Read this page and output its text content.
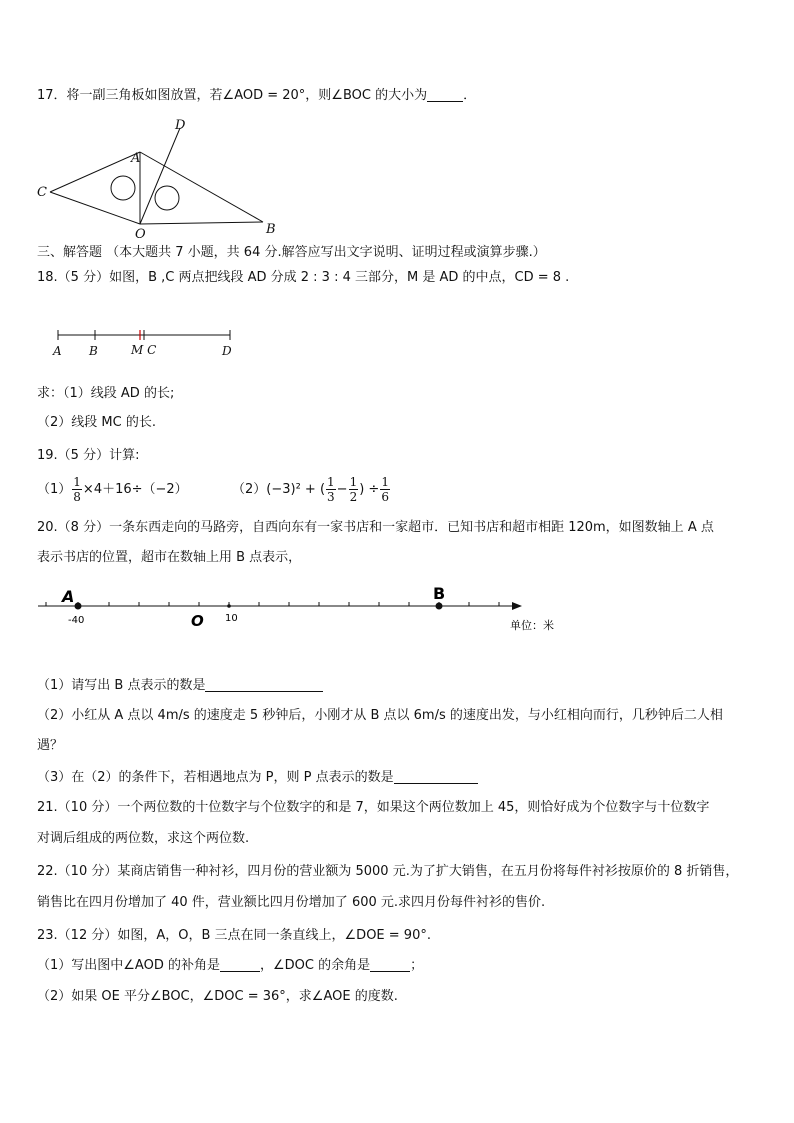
17．将一副三角板如图放置，若∠AOD = 20°，则∠BOC 的大小为	．
D
A
C
O	B
三、解答题 （本大题共 7 小题，共 64 分.解答应写出文字说明、证明过程或演算步骤.）
18.（5 分）如图，B ,C 两点把线段 AD 分成 2 : 3 : 4 三部分，M 是 AD 的中点，CD = 8 .
A B	M C	D
求：（1）线段 AD 的长;
（2）线段 MC 的长.
19.（5 分）计算:
$(1) \frac{1}{8} \times 4+16\div(-2)$	（2）(−3)² + ( $\frac{1}{3} - \frac{1}{2}$ ) ÷ $\frac{1}{6}$
20.（8 分）一条东西走向的马路旁，自西向东有一家书店和一家超市．已知书店和超市相距 120m，如图数轴上 A 点
表示书店的位置，超市在数轴上用 B 点表示，
A
-40	O 10
B
单位：米
（1）请写出 B 点表示的数是
（2）小红从 A 点以 4m/s 的速度走 5 秒钟后，小刚才从 B 点以 6m/s 的速度出发，与小红相向而行，几秒钟后二人相
遇？
（3）在（2）的条件下，若相遇地点为 P，则 P 点表示的数是
21.（10 分）一个两位数的十位数字与个位数字的和是 7，如果这个两位数加上 45，则恰好成为个位数字与十位数字
对调后组成的两位数，求这个两位数.
22.（10 分）某商店销售一种衬衫，四月份的营业额为 5000 元.为了扩大销售，在五月份将每件衬衫按原价的 8 折销售，
销售比在四月份增加了 40 件，营业额比四月份增加了 600 元.求四月份每件衬衫的售价.
23.（12 分）如图，A，O，B 三点在同一条直线上，∠DOE = 90°.
（1）写出图中∠AOD 的补角是	，∠DOC 的余角是	；
（2）如果 OE 平分∠BOC，∠DOC = 36°，求∠AOE 的度数.
